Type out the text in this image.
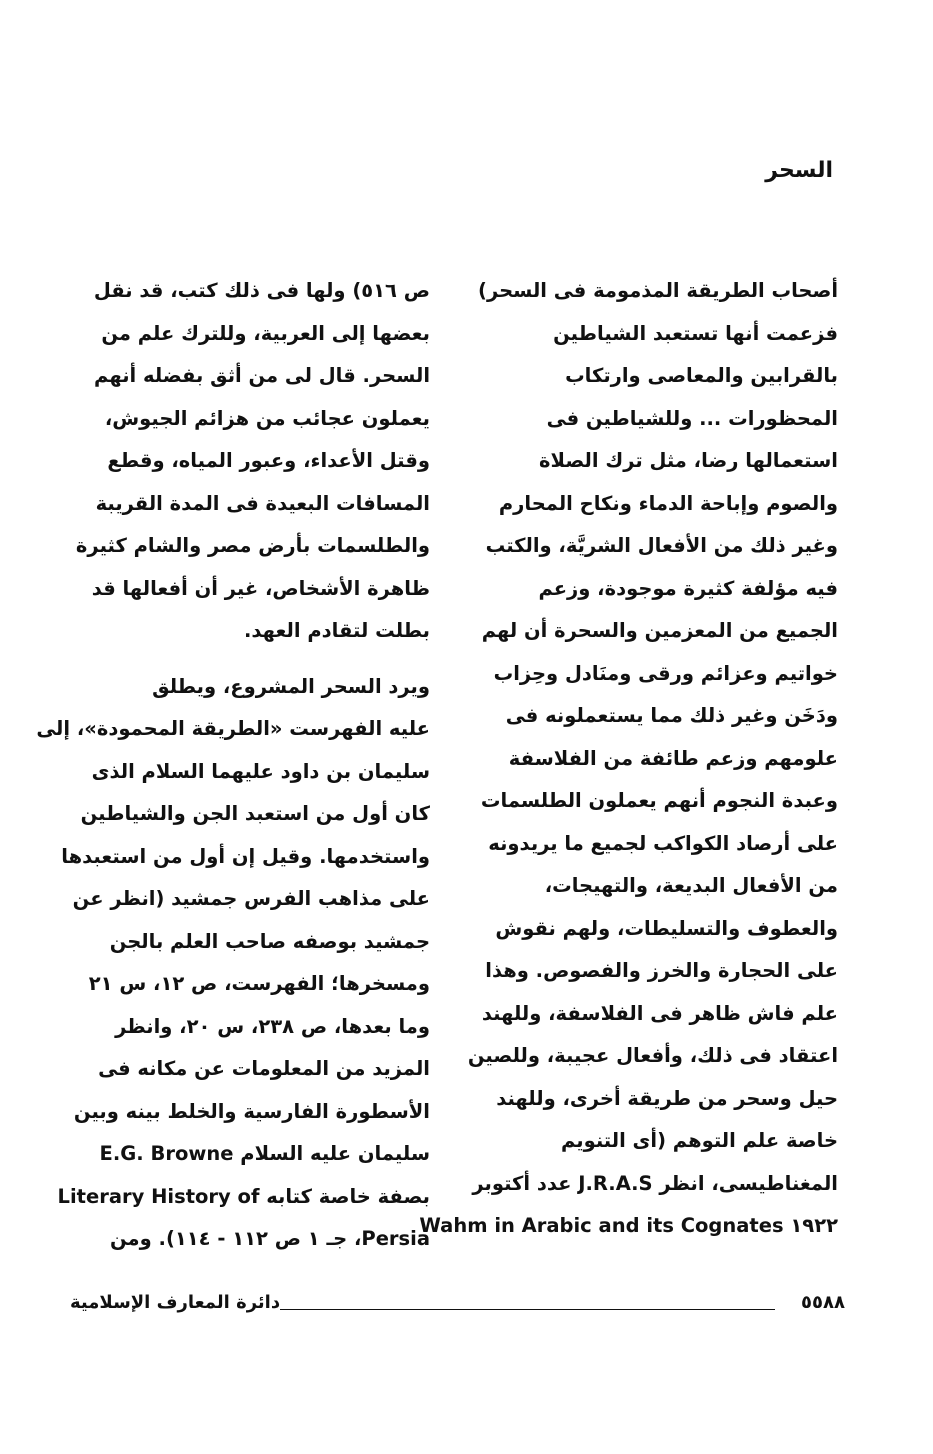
السحر
أصحاب الطريقة المذمومة فى السحر)
فزعمت أنها تستعبد الشياطين
بالقرابين والمعاصى وارتكاب
المحظورات ... وللشياطين فى
استعمالها رضا، مثل ترك الصلاة
والصوم وإباحة الدماء ونكاح المحارم
وغير ذلك من الأفعال الشريَّة، والكتب
فيه مؤلفة كثيرة موجودة، وزعم
الجميع من المعزمين والسحرة أن لهم
خواتيم وعزائم ورقى ومنَادل وحِزاب
ودَخَن وغير ذلك مما يستعملونه فى
علومهم وزعم طائفة من الفلاسفة
وعبدة النجوم أنهم يعملون الطلسمات
على أرصاد الكواكب لجميع ما يريدونه
من الأفعال البديعة، والتهيجات،
والعطوف والتسليطات، ولهم نقوش
على الحجارة والخرز والفصوص. وهذا
علم فاش ظاهر فى الفلاسفة، وللهند
اعتقاد فى ذلك، وأفعال عجيبة، وللصين
حيل وسحر من طريقة أخرى، وللهند
خاصة علم التوهم (أى التنويم
المغناطيسى، انظر J.R.A.S عدد أكتوبر
١٩٢٢ Wahm in Arabic and its Cognates
ص ٥١٦) ولها فى ذلك كتب، قد نقل
بعضها إلى العربية، وللترك علم من
السحر. قال لى من أثق بفضله أنهم
يعملون عجائب من هزائم الجيوش،
وقتل الأعداء، وعبور المياه، وقطع
المسافات البعيدة فى المدة القريبة
والطلسمات بأرض مصر والشام كثيرة
ظاهرة الأشخاص، غير أن أفعالها قد
بطلت لتقادم العهد.
ويرد السحر المشروع، ويطلق
عليه الفهرست «الطريقة المحمودة»، إلى
سليمان بن داود عليهما السلام الذى
كان أول من استعبد الجن والشياطين
واستخدمها. وقيل إن أول من استعبدها
على مذاهب الفرس جمشيد (انظر عن
جمشيد بوصفه صاحب العلم بالجن
ومسخرها؛ الفهرست، ص ١٢، س ٢١
وما بعدها، ص ٢٣٨، س ٢٠، وانظر
المزيد من المعلومات عن مكانه فى
الأسطورة الفارسية والخلط بينه وبين
سليمان عليه السلام E.G. Browne
بصفة خاصة كتابه Literary History of
Persia، جـ ١ ص ١١٢ - ١١٤). ومن
دائرة المعارف الإسلامية	٥٥٨٨
